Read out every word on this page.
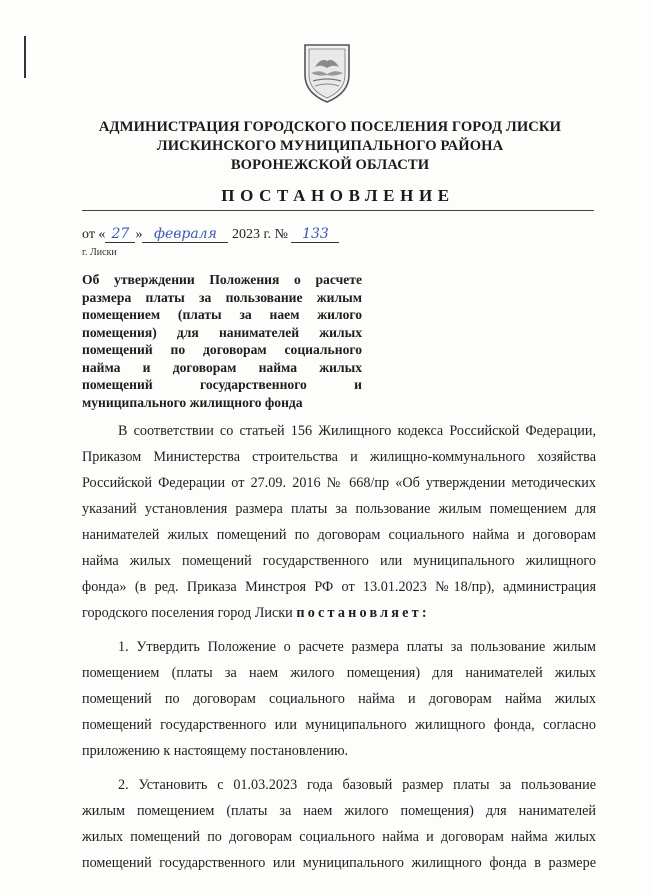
АДМИНИСТРАЦИЯ ГОРОДСКОГО ПОСЕЛЕНИЯ ГОРОД ЛИСКИ
ЛИСКИНСКОГО МУНИЦИПАЛЬНОГО РАЙОНА
ВОРОНЕЖСКОЙ ОБЛАСТИ
ПОСТАНОВЛЕНИЕ
от « 27 » февраля 2023 г. № 133
г. Лиски
Об утверждении Положения о расчете
размера платы за пользование жилым
помещением (платы за наем жилого
помещения) для нанимателей жилых
помещений по договорам социального
найма и договорам найма жилых
помещений государственного и
муниципального жилищного фонда
В соответствии со статьей 156 Жилищного кодекса Российской Федерации,
Приказом Министерства строительства и жилищно-коммунального хозяйства
Российской Федерации от 27.09. 2016 № 668/пр «Об утверждении методических
указаний установления размера платы за пользование жилым помещением для
нанимателей жилых помещений по договорам социального найма и договорам
найма жилых помещений государственного или муниципального жилищного
фонда» (в ред. Приказа Минстроя РФ от 13.01.2023 №18/пр), администрация
городского поселения город Лиски постановляет:
1. Утвердить Положение о расчете размера платы за пользование жилым
помещением (платы за наем жилого помещения) для нанимателей жилых
помещений по договорам социального найма и договорам найма жилых
помещений государственного или муниципального жилищного фонда, согласно
приложению к настоящему постановлению.
2. Установить с 01.03.2023 года базовый размер платы за пользование
жилым помещением (платы за наем жилого помещения) для нанимателей
жилых помещений по договорам социального найма и договорам найма жилых
помещений государственного или муниципального жилищного фонда в размере
